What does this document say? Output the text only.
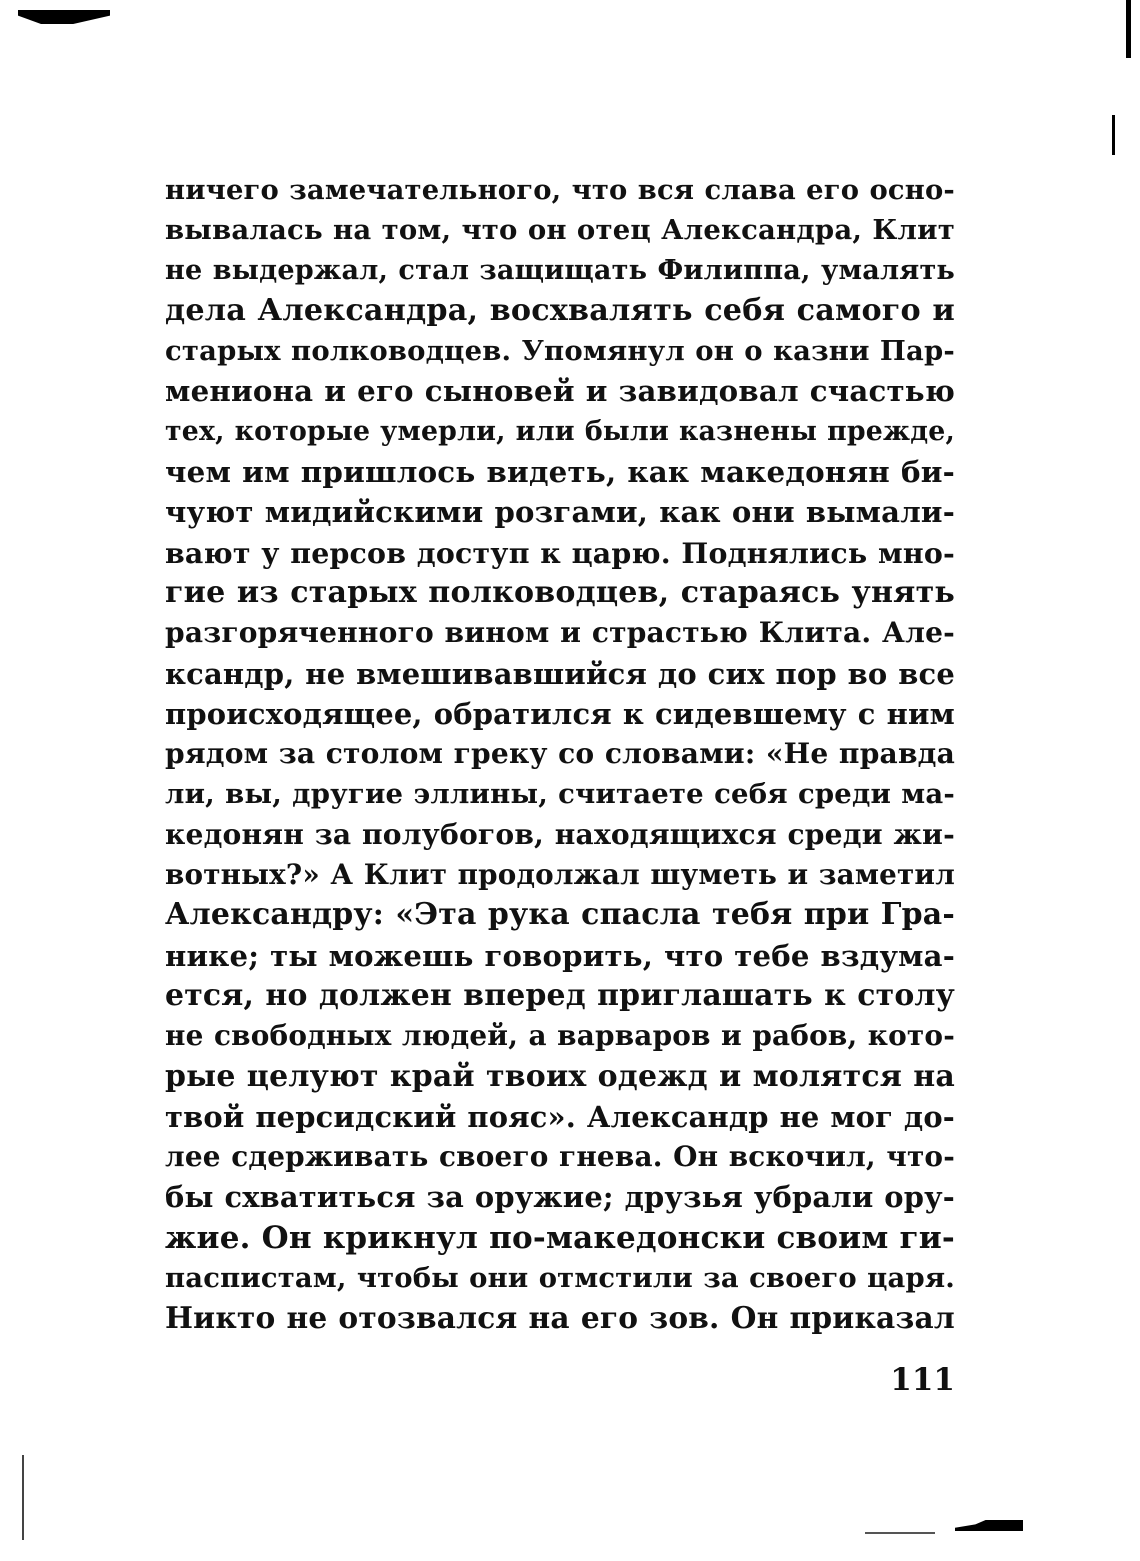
ничего замечательного, что вся слава его осно-
вывалась на том, что он отец Александра, Клит
не выдержал, стал защищать Филиппа, умалять
дела Александра, восхвалять себя самого и
старых полководцев. Упомянул он о казни Пар-
мениона и его сыновей и завидовал счастью
тех, которые умерли, или были казнены прежде,
чем им пришлось видеть, как македонян би-
чуют мидийскими розгами, как они вымали-
вают у персов доступ к царю. Поднялись мно-
гие из старых полководцев, стараясь унять
разгоряченного вином и страстью Клита. Але-
ксандр, не вмешивавшийся до сих пор во все
происходящее, обратился к сидевшему с ним
рядом за столом греку со словами: «Не правда
ли, вы, другие эллины, считаете себя среди ма-
кедонян за полубогов, находящихся среди жи-
вотных?» А Клит продолжал шуметь и заметил
Александру: «Эта рука спасла тебя при Гра-
нике; ты можешь говорить, что тебе вздума-
ется, но должен вперед приглашать к столу
не свободных людей, а варваров и рабов, кото-
рые целуют край твоих одежд и молятся на
твой персидский пояс». Александр не мог до-
лее сдерживать своего гнева. Он вскочил, что-
бы схватиться за оружие; друзья убрали ору-
жие. Он крикнул по-македонски своим ги-
паспистам, чтобы они отмстили за своего царя.
Никто не отозвался на его зов. Он приказал
111
